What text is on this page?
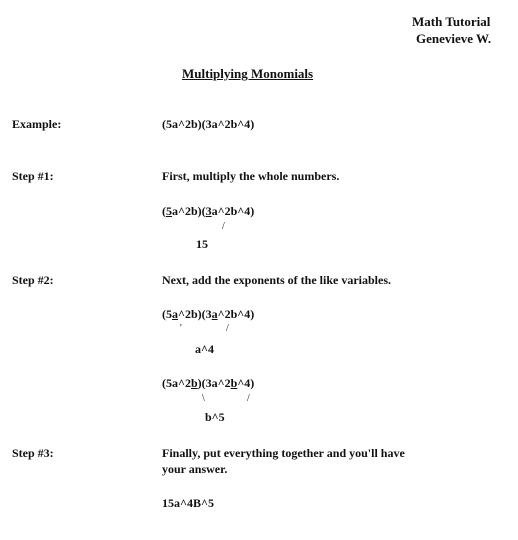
Math Tutorial
Genevieve W.
Multiplying Monomials
Example:	(5a^2b)(3a^2b^4)
Step #1:	First, multiply the whole numbers.
(5a^2b)(3a^2b^4)
/
15
Step #2:	Next, add the exponents of the like variables.
(5a^2b)(3a^2b^4)
'	/
a^4
(5a^2b)(3a^2b^4)
\	/
b^5
Step #3:	Finally, put everything together and you'll have
your answer.
15a^4B^5
